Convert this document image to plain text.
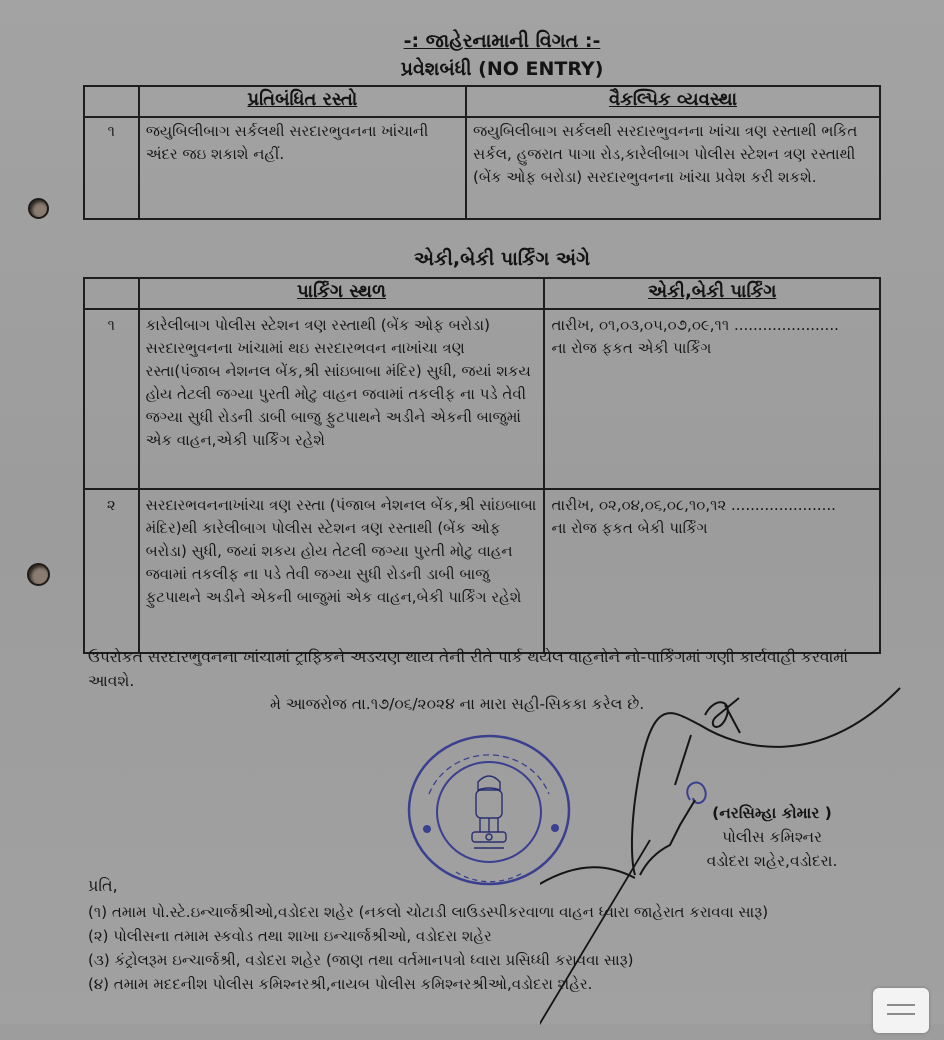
-: જાહેરનામાની વિગત :-
પ્રવેશબંધી (NO ENTRY)
	પ્રતિબંધિત રસ્તો	વૈકલ્પિક વ્યવસ્થા
૧	જયુબિલીબાગ સર્કલથી સરદારભુવનના ખાંચાની અંદર જઇ શકાશે નહીં.	જયુબિલીબાગ સર્કલથી સરદારભુવનના ખાંચા ત્રણ રસ્તાથી ભકિત સર્કલ, હુજરાત પાગા રોડ,કારેલીબાગ પોલીસ સ્ટેશન ત્રણ રસ્તાથી (બેંક ઓફ બરોડા) સરદારભુવનના ખાંચા પ્રવેશ કરી શકશે.
એકી,બેકી પાર્કિંગ અંગે
	પાર્કિંગ સ્થળ	એકી,બેકી પાર્કિંગ
૧	કારેલીબાગ પોલીસ સ્ટેશન ત્રણ રસ્તાથી (બેંક ઓફ બરોડા) સરદારભુવનના ખાંચામાં થઇ સરદારભવન નાખાંચા ત્રણ રસ્તા(પંજાબ નેશનલ બેંક,શ્રી સાંઇબાબા મંદિર) સુધી, જયાં શકય હોય તેટલી જગ્યા પુરતી મોટુ વાહન જવામાં તકલીફ ના પડે તેવી જગ્યા સુધી રોડની ડાબી બાજુ ફુટપાથને અડીને એકની બાજુમાં એક વાહન,એકી પાર્કિંગ રહેશે	તારીખ, ૦૧,૦૩,૦૫,૦૭,૦૯,૧૧ ......................
ના રોજ ફકત એકી પાર્કિંગ

૨	સરદારભવનનાખાંચા ત્રણ રસ્તા (પંજાબ નેશનલ બેંક,શ્રી સાંઇબાબા મંદિર)થી કારેલીબાગ પોલીસ સ્ટેશન ત્રણ રસ્તાથી (બેંક ઓફ બરોડા) સુધી, જયાં શકય હોય તેટલી જગ્યા પુરતી મોટુ વાહન જવામાં તકલીફ ના પડે તેવી જગ્યા સુધી રોડની ડાબી બાજુ ફુટપાથને અડીને એકની બાજુમાં એક વાહન,બેકી પાર્કિંગ રહેશે	તારીખ, ૦૨,૦૪,૦૬,૦૮,૧૦,૧૨ ......................
ના રોજ ફકત બેકી પાર્કિંગ
ઉપરોકત સરદારભુવનના ખાંચામાં ટ્રાફિકને અડચણ થાય તેની રીતે પાર્ક થયેલ વાહનોને નો-પાર્કિંગમાં ગણી કાર્યવાહી કરવામાં આવશે.
મે આજરોજ તા.૧૭/૦૬/૨૦૨૪ ના મારા સહી-સિકકા કરેલ છે.
(નરસિમ્હા કોમાર )
પોલીસ કમિશ્નર
વડોદરા શહેર,વડોદરા.
પ્રતિ,
(૧) તમામ પો.સ્ટે.ઇન્ચાર્જશ્રીઓ,વડોદરા શહેર (નકલો ચોટાડી લાઉડસ્પીકરવાળા વાહન ધ્વારા જાહેરાત કરાવવા સારૂ)
(૨) પોલીસના તમામ સ્કવોડ તથા શાખા ઇન્ચાર્જશ્રીઓ, વડોદરા શહેર
(૩) કંટ્રોલરૂમ ઇન્ચાર્જશ્રી, વડોદરા શહેર (જાણ તથા વર્તમાનપત્રો ધ્વારા પ્રસિધ્ધી કરાવવા સારૂ)
(૪) તમામ મદદનીશ પોલીસ કમિશ્નરશ્રી,નાયબ પોલીસ કમિશ્નરશ્રીઓ,વડોદરા શહેર.
